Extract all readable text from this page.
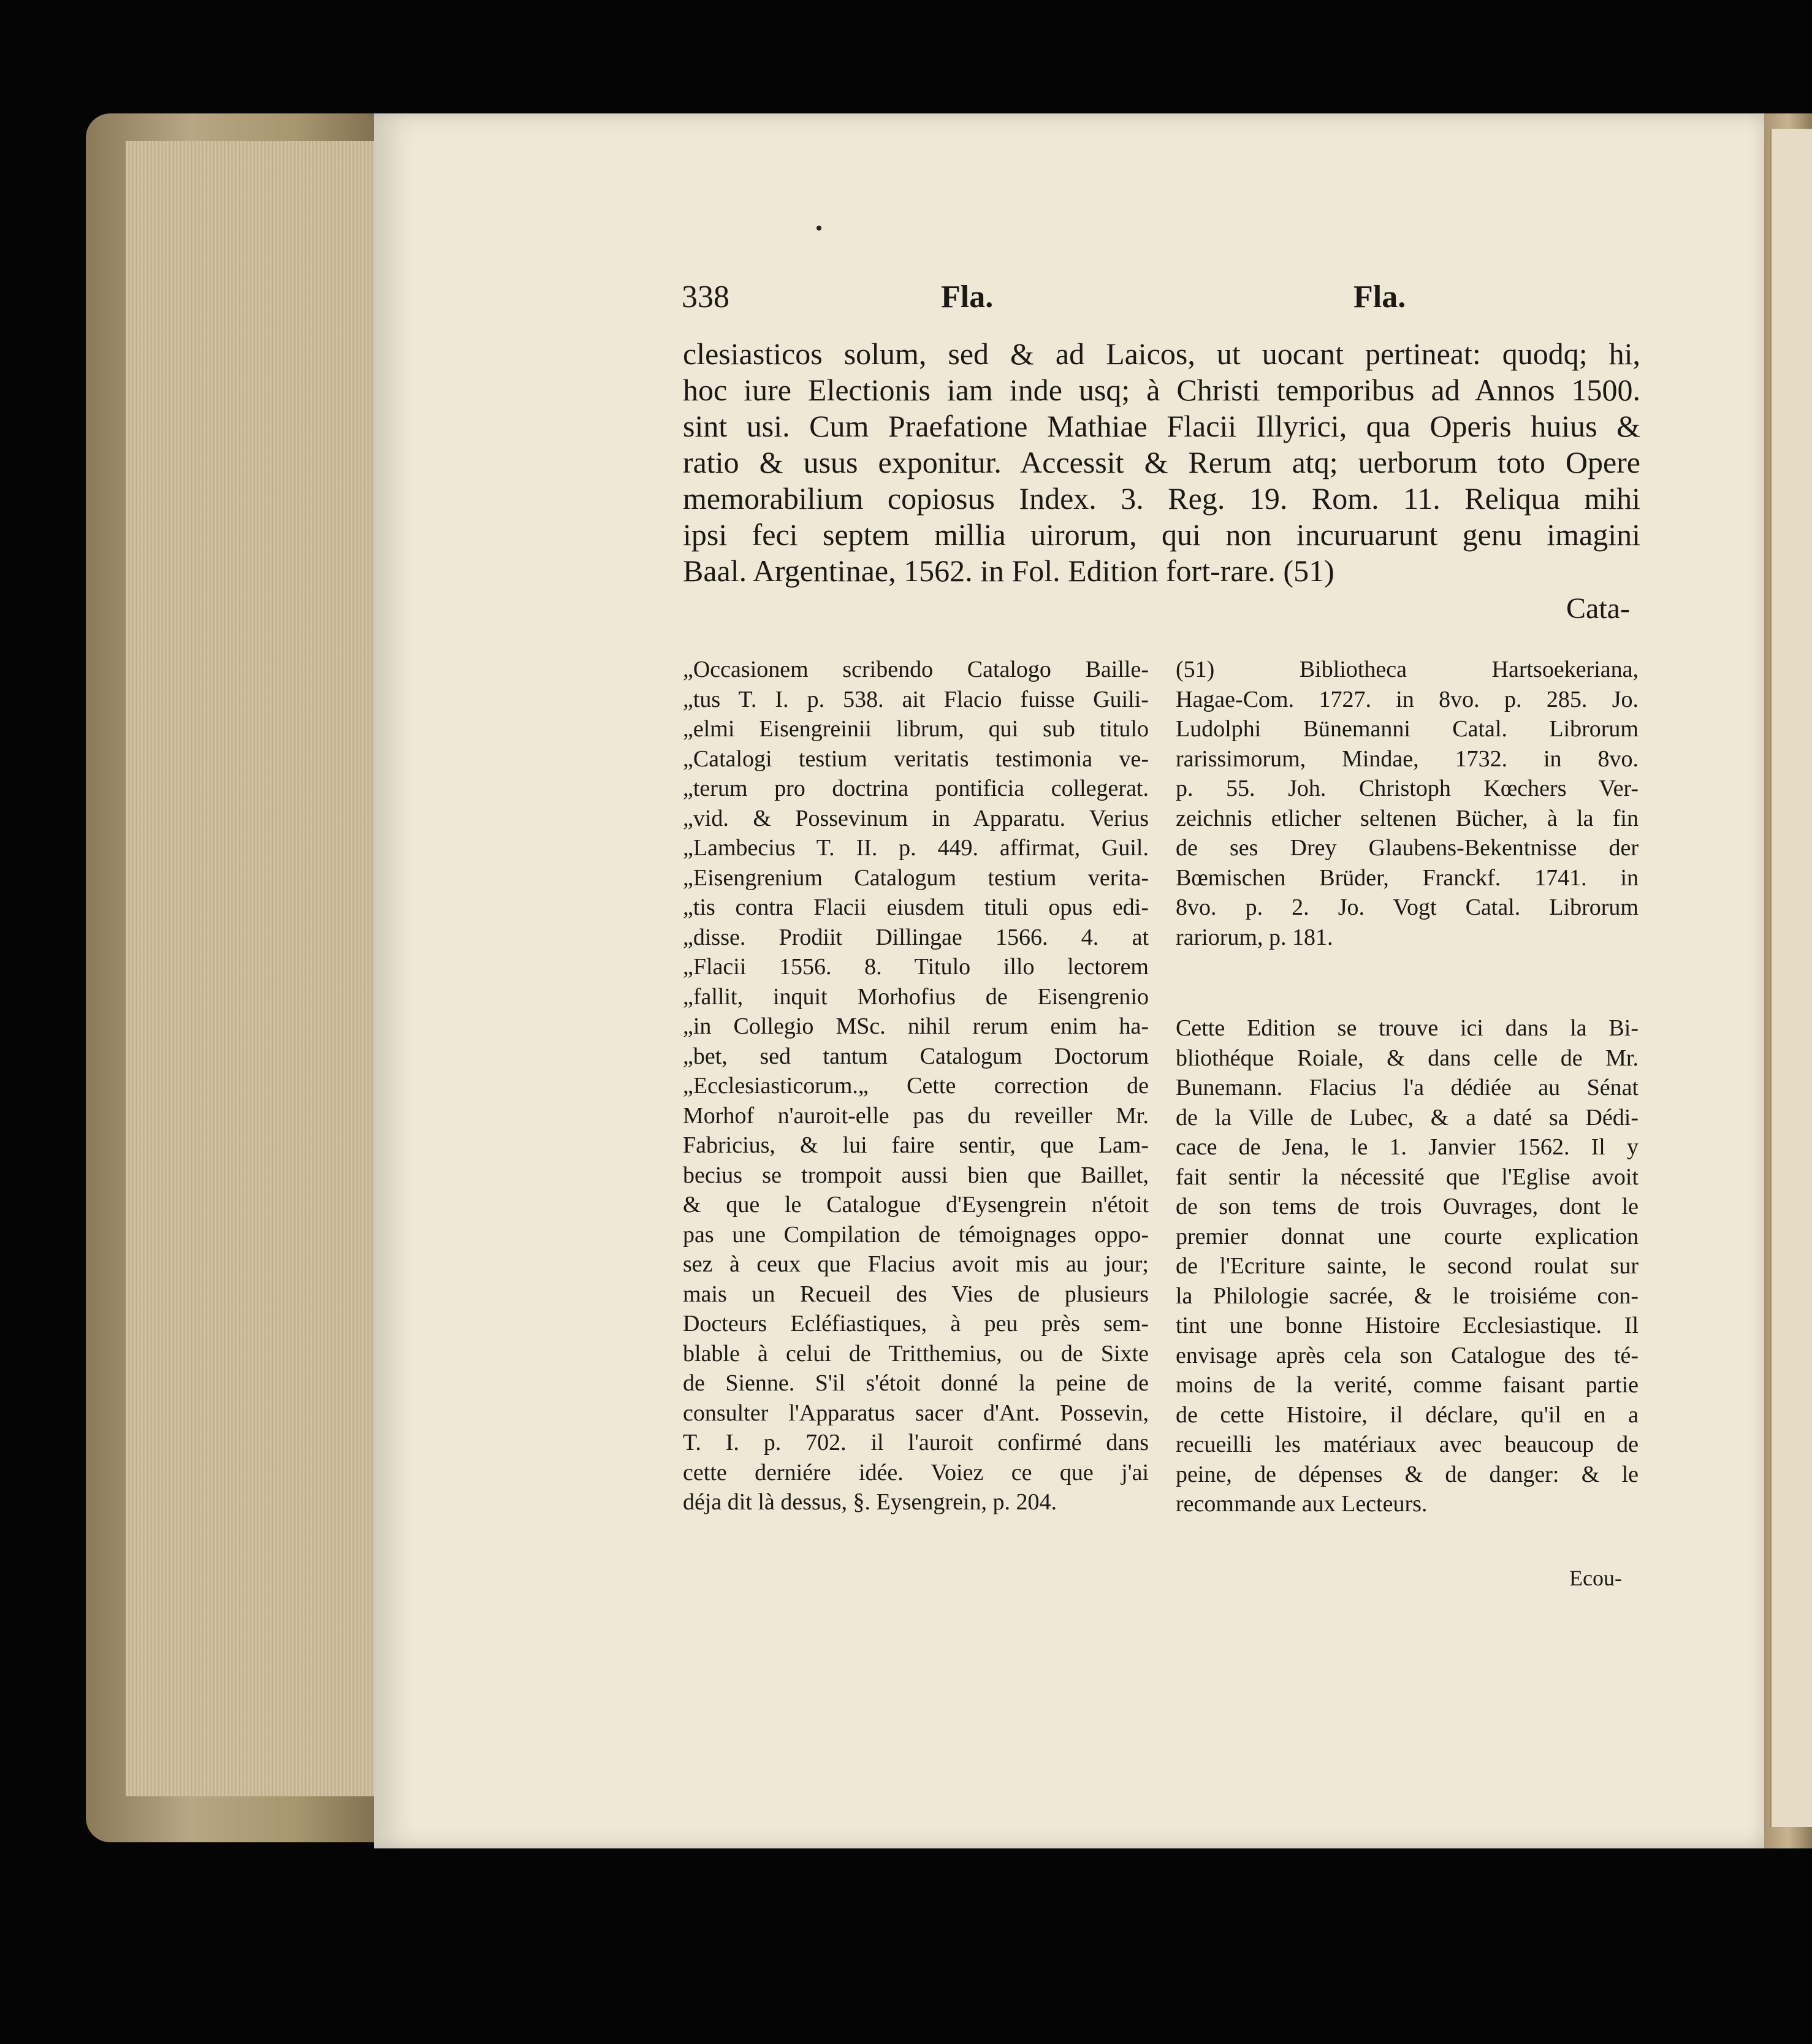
338	Fla.	Fla.
clesiasticos solum, sed & ad Laicos, ut uocant pertineat: quodq; hi,
hoc iure Electionis iam inde usq; à Christi temporibus ad Annos 1500.
sint usi. Cum Praefatione Mathiae Flacii Illyrici, qua Operis huius &
ratio & usus exponitur. Accessit & Rerum atq; uerborum toto Opere
memorabilium copiosus Index. 3. Reg. 19. Rom. 11. Reliqua mihi
ipsi feci septem millia uirorum, qui non incuruarunt genu imagini
Baal. Argentinae, 1562. in Fol. Edition fort-rare. (51)
Cata-
„Occasionem scribendo Catalogo Baille-
„tus T. I. p. 538. ait Flacio fuisse Guili-
„elmi Eisengreinii librum, qui sub titulo
„Catalogi testium veritatis testimonia ve-
„terum pro doctrina pontificia collegerat.
„vid. & Possevinum in Apparatu. Verius
„Lambecius T. II. p. 449. affirmat, Guil.
„Eisengrenium Catalogum testium verita-
„tis contra Flacii eiusdem tituli opus edi-
„disse. Prodiit Dillingae 1566. 4. at
„Flacii 1556. 8. Titulo illo lectorem
„fallit, inquit Morhofius de Eisengrenio
„in Collegio MSc. nihil rerum enim ha-
„bet, sed tantum Catalogum Doctorum
„Ecclesiasticorum.„ Cette correction de
Morhof n'auroit-elle pas du reveiller Mr.
Fabricius, & lui faire sentir, que Lam-
becius se trompoit aussi bien que Baillet,
& que le Catalogue d'Eysengrein n'étoit
pas une Compilation de témoignages oppo-
sez à ceux que Flacius avoit mis au jour;
mais un Recueil des Vies de plusieurs
Docteurs Ecléfiastiques, à peu près sem-
blable à celui de Tritthemius, ou de Sixte
de Sienne. S'il s'étoit donné la peine de
consulter l'Apparatus sacer d'Ant. Possevin,
T. I. p. 702. il l'auroit confirmé dans
cette derniére idée. Voiez ce que j'ai
déja dit là dessus, §. Eysengrein, p. 204.
(51) Bibliotheca Hartsoekeriana,
Hagae-Com. 1727. in 8vo. p. 285. Jo.
Ludolphi Bünemanni Catal. Librorum
rarissimorum, Mindae, 1732. in 8vo.
p. 55. Joh. Christoph Kœchers Ver-
zeichnis etlicher seltenen Bücher, à la fin
de ses Drey Glaubens-Bekentnisse der
Bœmischen Brüder, Franckf. 1741. in
8vo. p. 2. Jo. Vogt Catal. Librorum
rariorum, p. 181.
Cette Edition se trouve ici dans la Bi-
bliothéque Roiale, & dans celle de Mr.
Bunemann. Flacius l'a dédiée au Sénat
de la Ville de Lubec, & a daté sa Dédi-
cace de Jena, le 1. Janvier 1562. Il y
fait sentir la nécessité que l'Eglise avoit
de son tems de trois Ouvrages, dont le
premier donnat une courte explication
de l'Ecriture sainte, le second roulat sur
la Philologie sacrée, & le troisiéme con-
tint une bonne Histoire Ecclesiastique. Il
envisage après cela son Catalogue des té-
moins de la verité, comme faisant partie
de cette Histoire, il déclare, qu'il en a
recueilli les matériaux avec beaucoup de
peine, de dépenses & de danger: & le
recommande aux Lecteurs.
Ecou-
